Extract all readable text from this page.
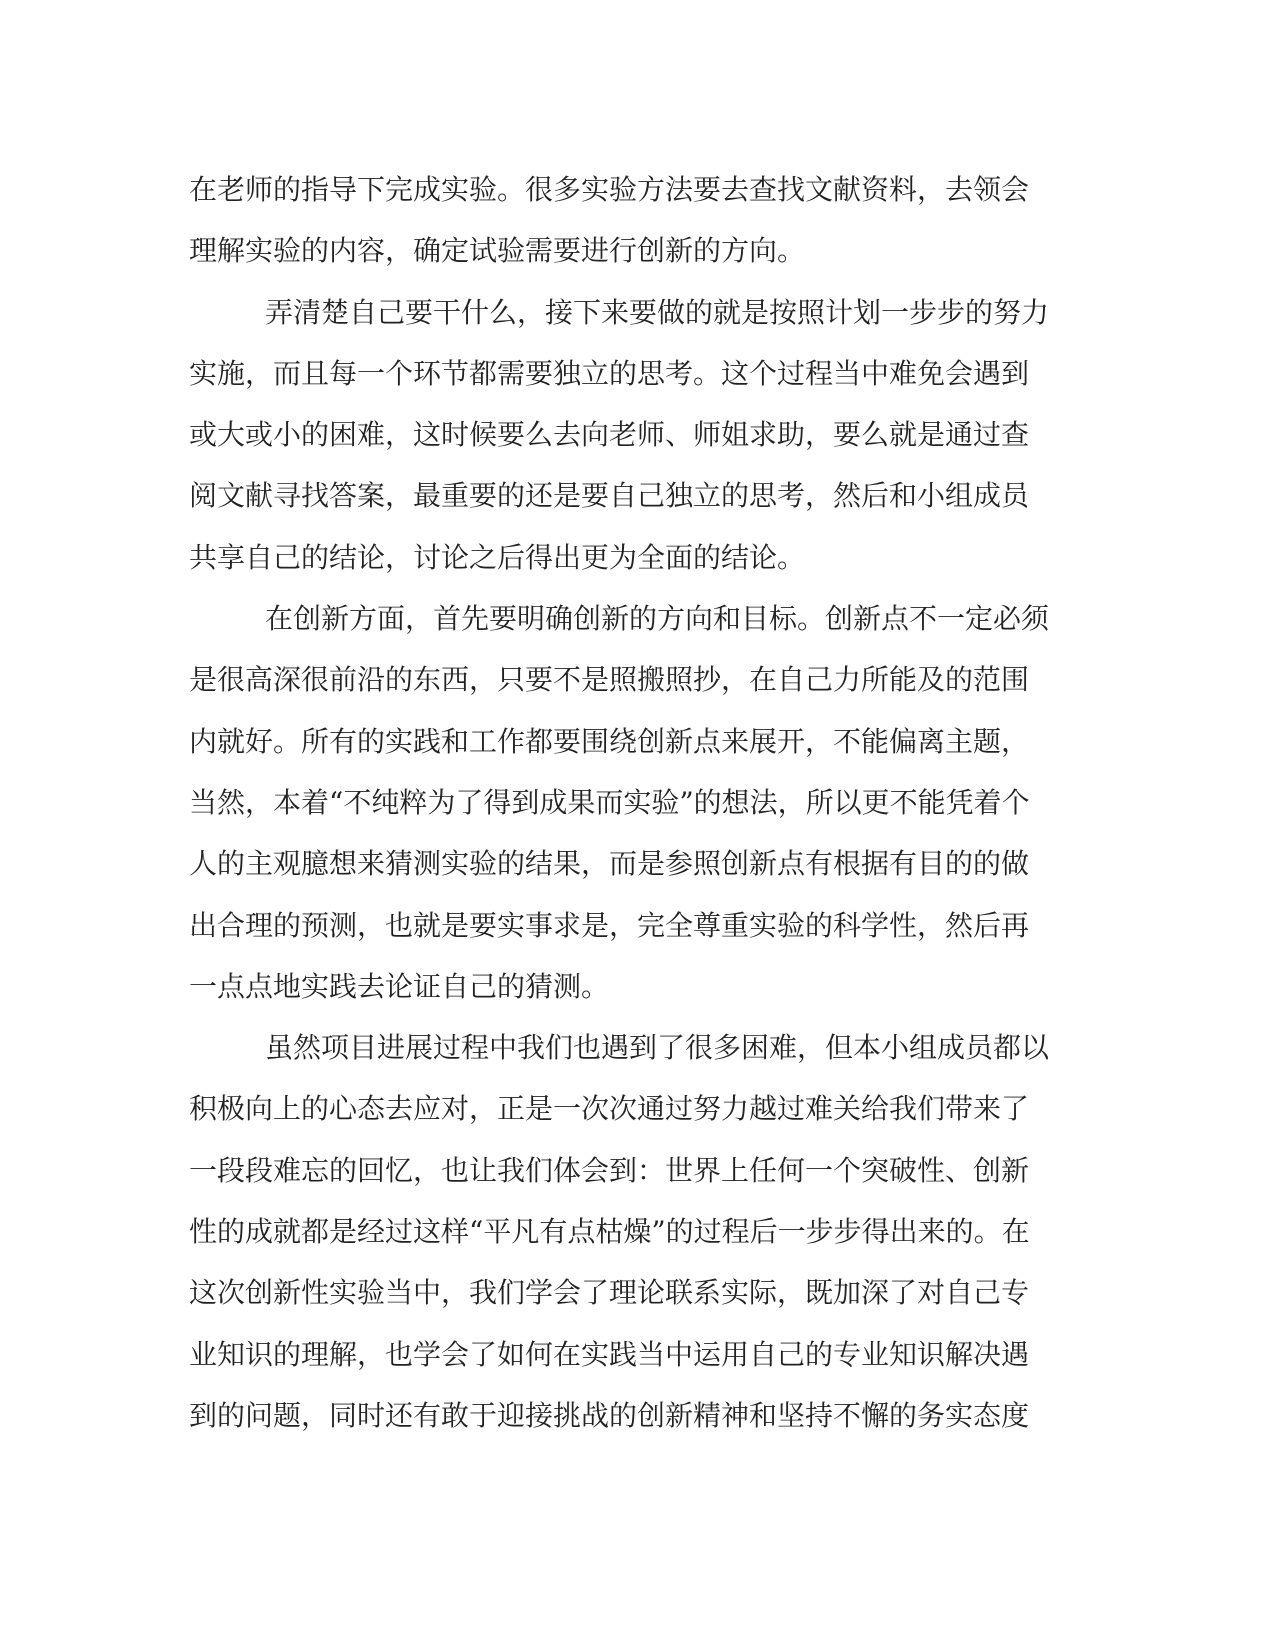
在老师的指导下完成实验。很多实验方法要去查找文献资料，去领会
理解实验的内容，确定试验需要进行创新的方向。
弄清楚自己要干什么，接下来要做的就是按照计划一步步的努力
实施，而且每一个环节都需要独立的思考。这个过程当中难免会遇到
或大或小的困难，这时候要么去向老师、师姐求助，要么就是通过查
阅文献寻找答案，最重要的还是要自己独立的思考，然后和小组成员
共享自己的结论，讨论之后得出更为全面的结论。
在创新方面，首先要明确创新的方向和目标。创新点不一定必须
是很高深很前沿的东西，只要不是照搬照抄，在自己力所能及的范围
内就好。所有的实践和工作都要围绕创新点来展开，不能偏离主题，
当然，本着“不纯粹为了得到成果而实验”的想法，所以更不能凭着个
人的主观臆想来猜测实验的结果，而是参照创新点有根据有目的的做
出合理的预测，也就是要实事求是，完全尊重实验的科学性，然后再
一点点地实践去论证自己的猜测。
虽然项目进展过程中我们也遇到了很多困难，但本小组成员都以
积极向上的心态去应对，正是一次次通过努力越过难关给我们带来了
一段段难忘的回忆，也让我们体会到：世界上任何一个突破性、创新
性的成就都是经过这样“平凡有点枯燥”的过程后一步步得出来的。在
这次创新性实验当中，我们学会了理论联系实际，既加深了对自己专
业知识的理解，也学会了如何在实践当中运用自己的专业知识解决遇
到的问题，同时还有敢于迎接挑战的创新精神和坚持不懈的务实态度
